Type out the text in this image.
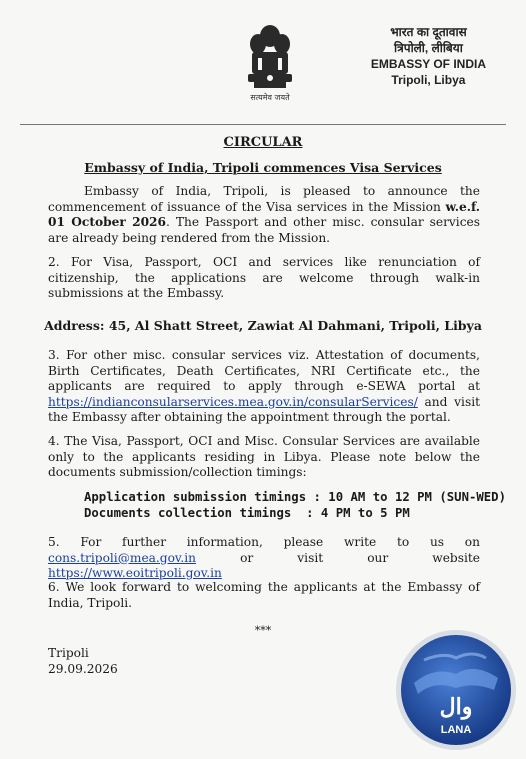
सत्यमेव जयते
भारत का दूतावास
त्रिपोली, लीबिया
EMBASSY OF INDIA
Tripoli, Libya
CIRCULAR
Embassy of India, Tripoli commences Visa Services
Embassy of India, Tripoli, is pleased to announce the commencement of issuance of the Visa services in the Mission w.e.f. 01 October 2026. The Passport and other misc. consular services are already being rendered from the Mission.
2. For Visa, Passport, OCI and services like renunciation of citizenship, the applications are welcome through walk-in submissions at the Embassy.
Address: 45, Al Shatt Street, Zawiat Al Dahmani, Tripoli, Libya
3. For other misc. consular services viz. Attestation of documents, Birth Certificates, Death Certificates, NRI Certificate etc., the applicants are required to apply through e-SEWA portal at https://indianconsularservices.mea.gov.in/consularServices/ and visit the Embassy after obtaining the appointment through the portal.
4. The Visa, Passport, OCI and Misc. Consular Services are available only to the applicants residing in Libya. Please note below the documents submission/collection timings:
Application submission timings : 10 AM to 12 PM (SUN-WED)
Documents collection timings  : 4 PM to 5 PM
5. For further information, please write to us on cons.tripoli@mea.gov.in or visit our website https://www.eoitripoli.gov.in
6. We look forward to welcoming the applicants at the Embassy of India, Tripoli.
***
Tripoli
29.09.2026
وال
LANA
